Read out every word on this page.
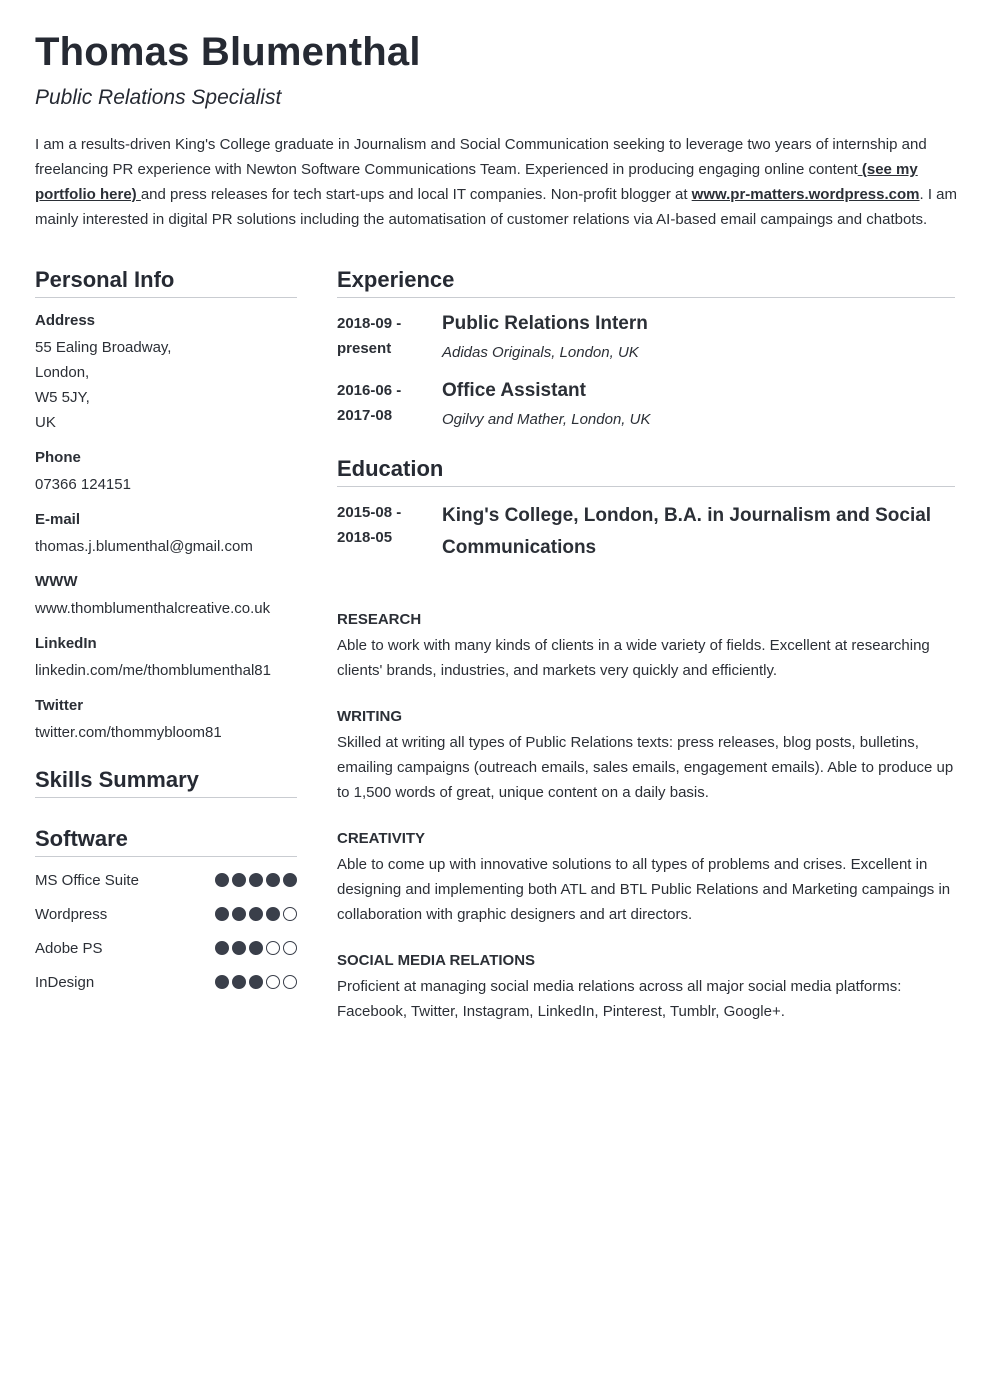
Thomas Blumenthal
Public Relations Specialist

I am a results-driven King's College graduate in Journalism and Social Communication seeking to leverage two years of internship and freelancing PR experience with Newton Software Communications Team. Experienced in producing engaging online content (see my portfolio here) and press releases for tech start-ups and local IT companies. Non-profit blogger at www.pr-matters.wordpress.com. I am mainly interested in digital PR solutions including the automatisation of customer relations via AI-based email campaings and chatbots.

Personal Info
Address
55 Ealing Broadway,
London,
W5 5JY,
UK
Phone
07366 124151
E-mail
thomas.j.blumenthal@gmail.com
WWW
www.thomblumenthalcreative.co.uk
LinkedIn
linkedin.com/me/thomblumenthal81
Twitter
twitter.com/thommybloom81
Skills Summary
Software
MS Office Suite
Wordpress
Adobe PS
InDesign
Experience
2018-09 -
present
Public Relations Intern
Adidas Originals, London, UK
2016-06 -
2017-08
Office Assistant
Ogilvy and Mather, London, UK
Education
2015-08 -
2018-05
King's College, London, B.A. in Journalism and Social Communications
RESEARCH
Able to work with many kinds of clients in a wide variety of fields. Excellent at researching clients' brands, industries, and markets very quickly and efficiently.
WRITING
Skilled at writing all types of Public Relations texts: press releases, blog posts, bulletins, emailing campaigns (outreach emails, sales emails, engagement emails). Able to produce up to 1,500 words of great, unique content on a daily basis.
CREATIVITY
Able to come up with innovative solutions to all types of problems and crises. Excellent in designing and implementing both ATL and BTL Public Relations and Marketing campaings in collaboration with graphic designers and art directors.
SOCIAL MEDIA RELATIONS
Proficient at managing social media relations across all major social media platforms: Facebook, Twitter, Instagram, LinkedIn, Pinterest, Tumblr, Google+.
